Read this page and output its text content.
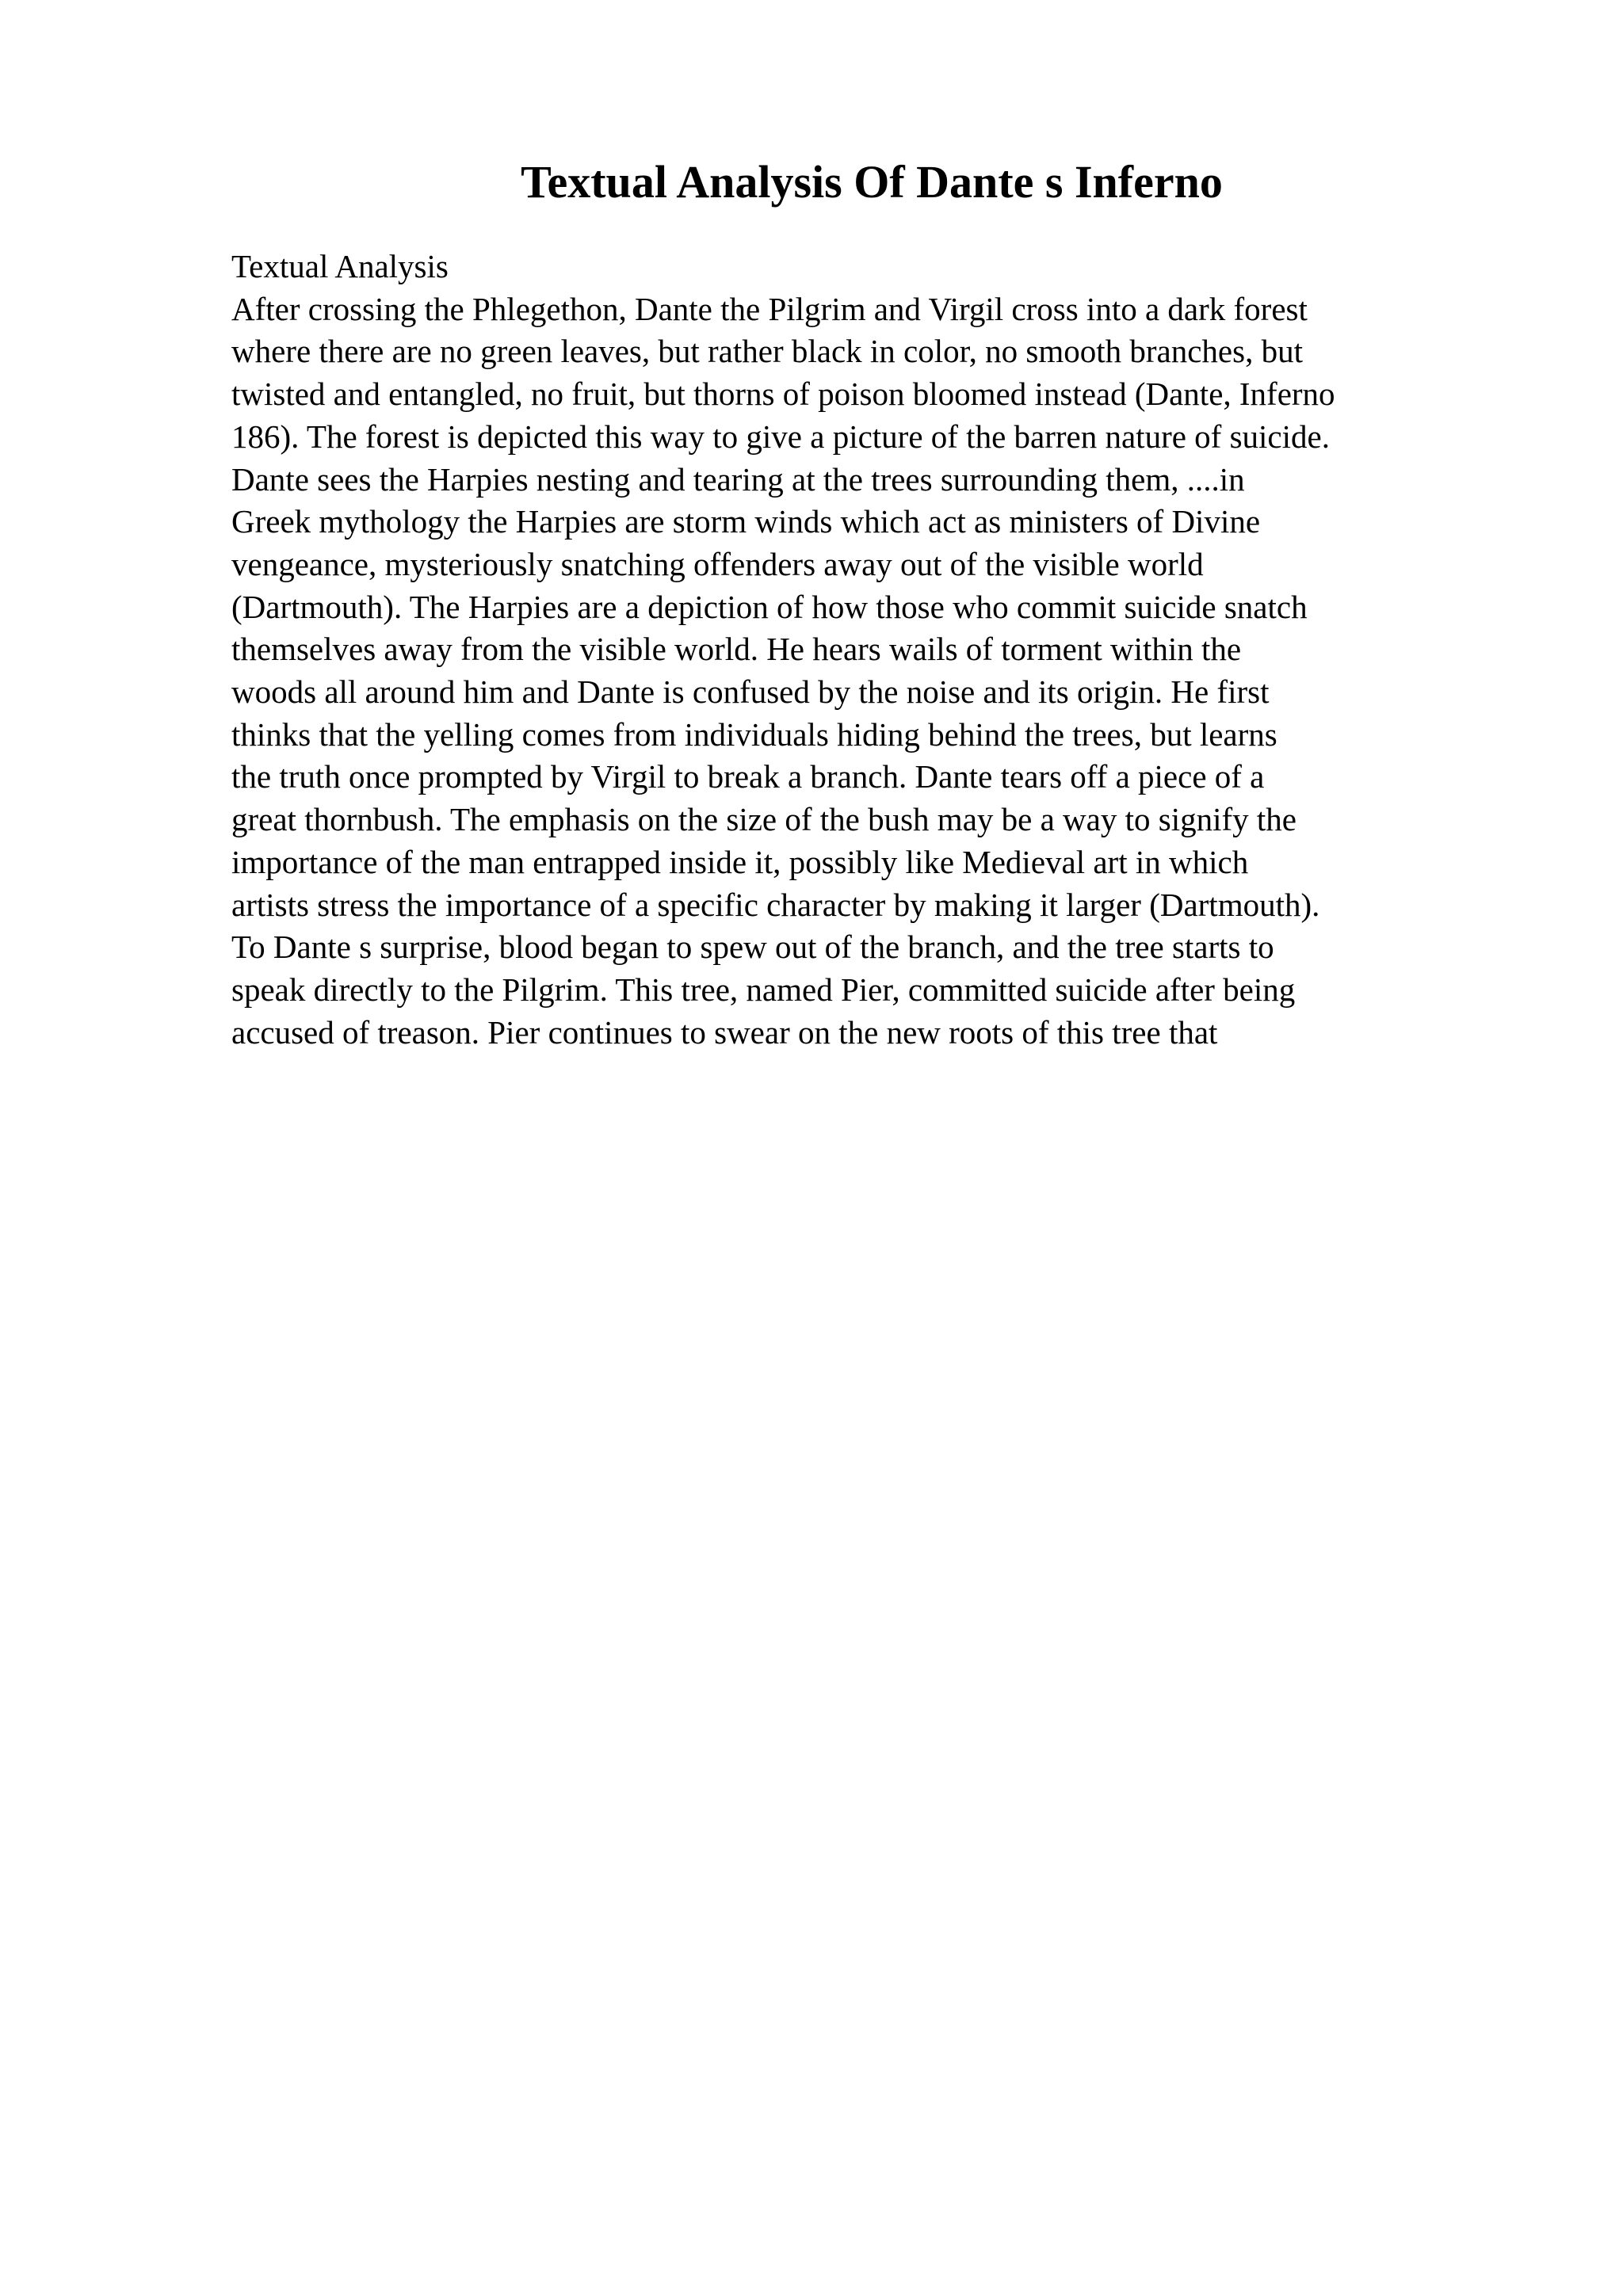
Textual Analysis Of Dante s Inferno
Textual Analysis
After crossing the Phlegethon, Dante the Pilgrim and Virgil cross into a dark forest
where there are no green leaves, but rather black in color, no smooth branches, but
twisted and entangled, no fruit, but thorns of poison bloomed instead (Dante, Inferno
186). The forest is depicted this way to give a picture of the barren nature of suicide.
Dante sees the Harpies nesting and tearing at the trees surrounding them, ....in
Greek mythology the Harpies are storm winds which act as ministers of Divine
vengeance, mysteriously snatching offenders away out of the visible world
(Dartmouth). The Harpies are a depiction of how those who commit suicide snatch
themselves away from the visible world. He hears wails of torment within the
woods all around him and Dante is confused by the noise and its origin. He first
thinks that the yelling comes from individuals hiding behind the trees, but learns
the truth once prompted by Virgil to break a branch. Dante tears off a piece of a
great thornbush. The emphasis on the size of the bush may be a way to signify the
importance of the man entrapped inside it, possibly like Medieval art in which
artists stress the importance of a specific character by making it larger (Dartmouth).
To Dante s surprise, blood began to spew out of the branch, and the tree starts to
speak directly to the Pilgrim. This tree, named Pier, committed suicide after being
accused of treason. Pier continues to swear on the new roots of this tree that
